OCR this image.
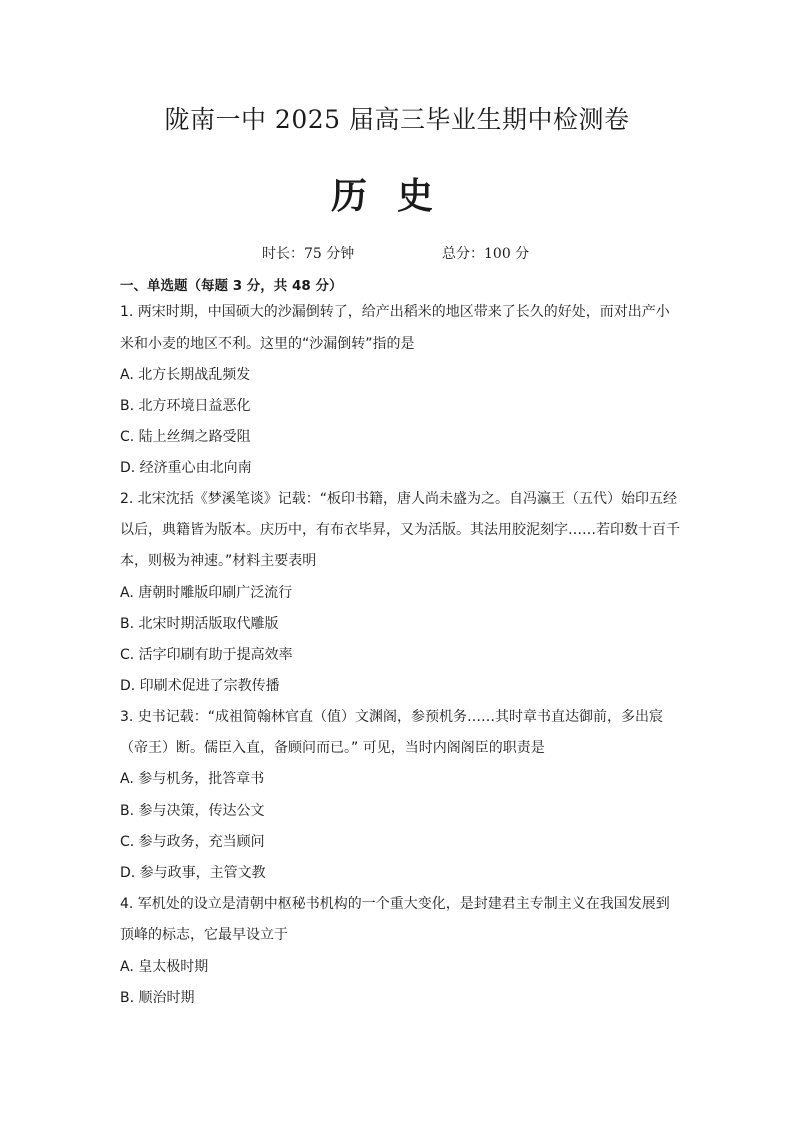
陇南一中 2025 届高三毕业生期中检测卷
历史
时长：75 分钟	总分：100 分
一、单选题（每题 3 分，共 48 分）
1. 两宋时期，中国硕大的沙漏倒转了，给产出稻米的地区带来了长久的好处，而对出产小
米和小麦的地区不利。这里的“沙漏倒转”指的是
A. 北方长期战乱频发
B. 北方环境日益恶化
C. 陆上丝绸之路受阻
D. 经济重心由北向南
2. 北宋沈括《梦溪笔谈》记载：“板印书籍，唐人尚未盛为之。自冯瀛王（五代）始印五经
以后，典籍皆为版本。庆历中，有布衣毕昇，又为活版。其法用胶泥刻字……若印数十百千
本，则极为神速。”材料主要表明
A. 唐朝时雕版印刷广泛流行
B. 北宋时期活版取代雕版
C. 活字印刷有助于提高效率
D. 印刷术促进了宗教传播
3. 史书记载：“成祖简翰林官直（值）文渊阁，参预机务……其时章书直达御前，多出宸
（帝王）断。儒臣入直，备顾问而已。” 可见，当时内阁阁臣的职责是
A. 参与机务，批答章书
B. 参与决策，传达公文
C. 参与政务，充当顾问
D. 参与政事，主管文教
4. 军机处的设立是清朝中枢秘书机构的一个重大变化，是封建君主专制主义在我国发展到
顶峰的标志，它最早设立于
A. 皇太极时期
B. 顺治时期
